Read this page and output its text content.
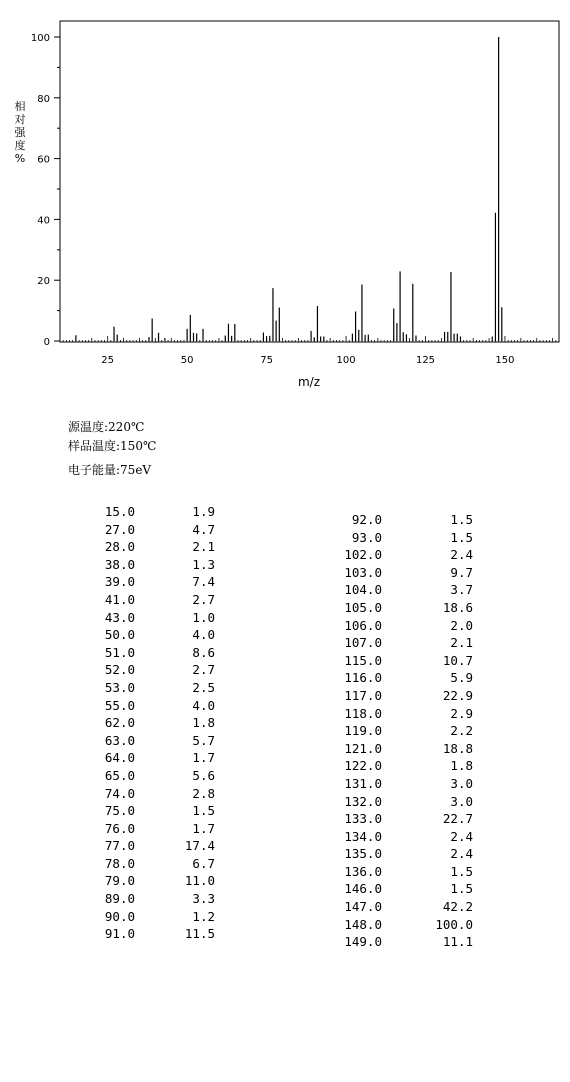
0
20
40
60
80
100
25	50	75	100	125	150
m/z
相对强度%
源温度:220℃
样品温度:150℃
电子能量:75eV
15.0	1.9
27.0	4.7
28.0	2.1
38.0	1.3
39.0	7.4
41.0	2.7
43.0	1.0
50.0	4.0
51.0	8.6
52.0	2.7
53.0	2.5
55.0	4.0
62.0	1.8
63.0	5.7
64.0	1.7
65.0	5.6
74.0	2.8
75.0	1.5
76.0	1.7
77.0	17.4
78.0	6.7
79.0	11.0
89.0	3.3
90.0	1.2
91.0	11.5
92.0	1.5
93.0	1.5
102.0	2.4
103.0	9.7
104.0	3.7
105.0	18.6
106.0	2.0
107.0	2.1
115.0	10.7
116.0	5.9
117.0	22.9
118.0	2.9
119.0	2.2
121.0	18.8
122.0	1.8
131.0	3.0
132.0	3.0
133.0	22.7
134.0	2.4
135.0	2.4
136.0	1.5
146.0	1.5
147.0	42.2
148.0	100.0
149.0	11.1
